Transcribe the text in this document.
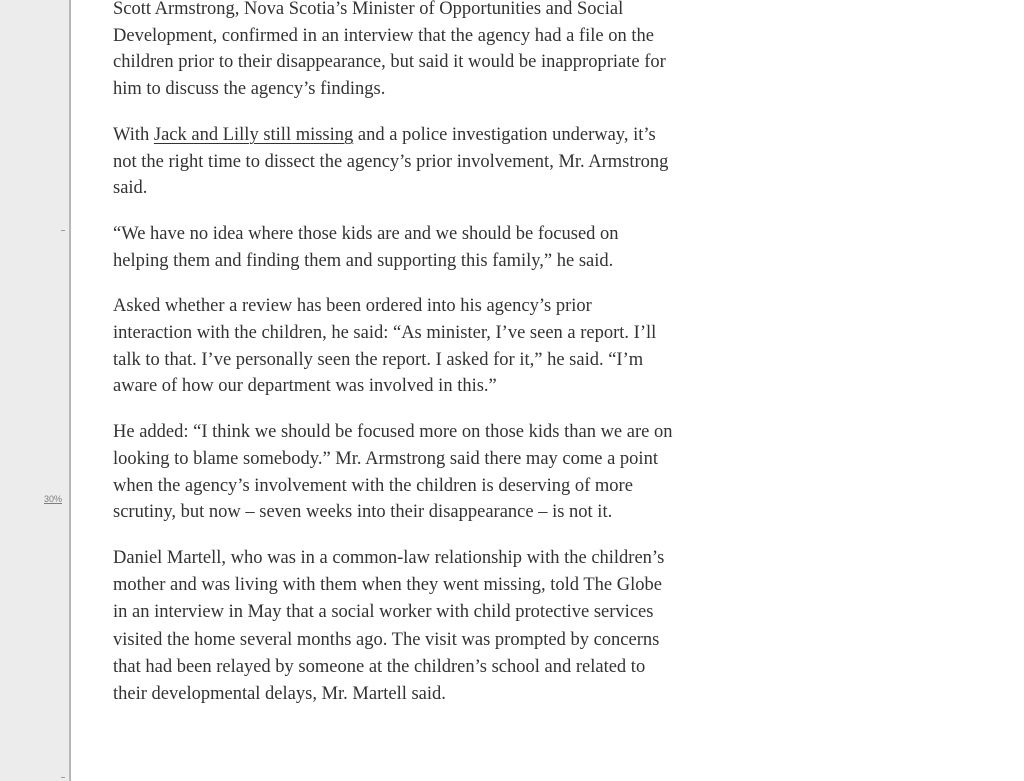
30%

Scott Armstrong, Nova Scotia’s Minister of Opportunities and Social Development, confirmed in an interview that the agency had a file on the children prior to their disappearance, but said it would be inappropriate for him to discuss the agency’s findings.

With Jack and Lilly still missing and a police investigation underway, it’s not the right time to dissect the agency’s prior involvement, Mr. Armstrong said.

“We have no idea where those kids are and we should be focused on helping them and finding them and supporting this family,” he said.

Asked whether a review has been ordered into his agency’s prior interaction with the children, he said: “As minister, I’ve seen a report. I’ll talk to that. I’ve personally seen the report. I asked for it,” he said. “I’m aware of how our department was involved in this.”

He added: “I think we should be focused more on those kids than we are on looking to blame somebody.” Mr. Armstrong said there may come a point when the agency’s involvement with the children is deserving of more scrutiny, but now – seven weeks into their disappearance – is not it.

Daniel Martell, who was in a common-law relationship with the children’s mother and was living with them when they went missing, told The Globe in an interview in May that a social worker with child protective services visited the home several months ago. The visit was prompted by concerns that had been relayed by someone at the children’s school and related to their developmental delays, Mr. Martell said.
